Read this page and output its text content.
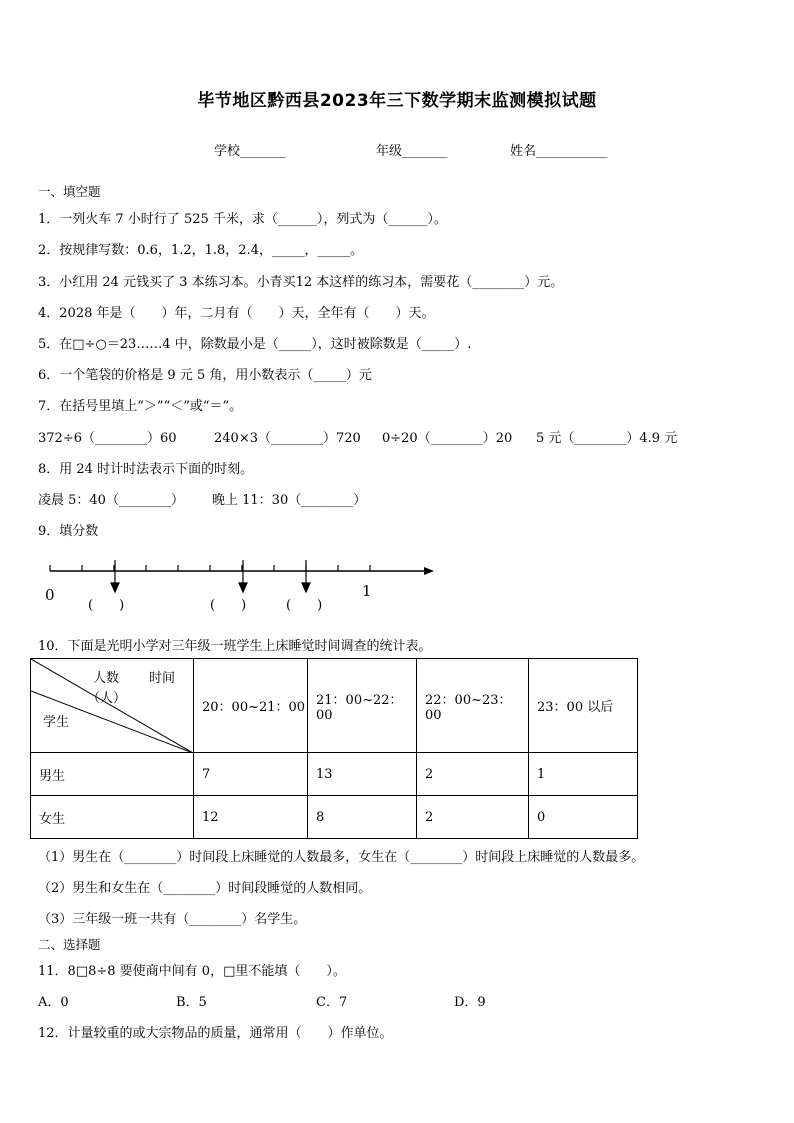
毕节地区黔西县2023年三下数学期末监测模拟试题
学校_______	年级_______	姓名___________
一、填空题
1．一列火车 7 小时行了 525 千米，求（______），列式为（______）。
2．按规律写数：0.6，1.2，1.8，2.4，_____，_____。
3．小红用 24 元钱买了 3 本练习本。小青买12 本这样的练习本，需要花（________）元。
4．2028 年是（　　）年，二月有（　　）天，全年有（　　）天。
5．在□÷○＝23……4 中，除数最小是（_____），这时被除数是（_____）.
6．一个笔袋的价格是 9 元 5 角，用小数表示（_____）元
7．在括号里填上“＞”“＜”或“＝”。
372÷6（________）60	240×3（________）720 0÷20（________）20 5 元（________）4.9 元
8．用 24 时计时法表示下面的时刻。
凌晨 5：40（________） 晚上 11：30（________）
9．填分数
0	1
(　　)	(　　)	(　　)
10．下面是光明小学对三年级一班学生上床睡觉时间调查的统计表。
时间
人数
（人）
学生	20：00~21：00	21：00~22：00	22：00~23：00	23：00 以后
男生	7	13	2	1
女生	12	8	2	0
（1）男生在（________）时间段上床睡觉的人数最多，女生在（________）时间段上床睡觉的人数最多。
（2）男生和女生在（________）时间段睡觉的人数相同。
（3）三年级一班一共有（________）名学生。
二、选择题
11．8□8÷8 要使商中间有 0，□里不能填（　　）。
A．0	B．5	C．7	D．9
12．计量较重的或大宗物品的质量，通常用（　　）作单位。
